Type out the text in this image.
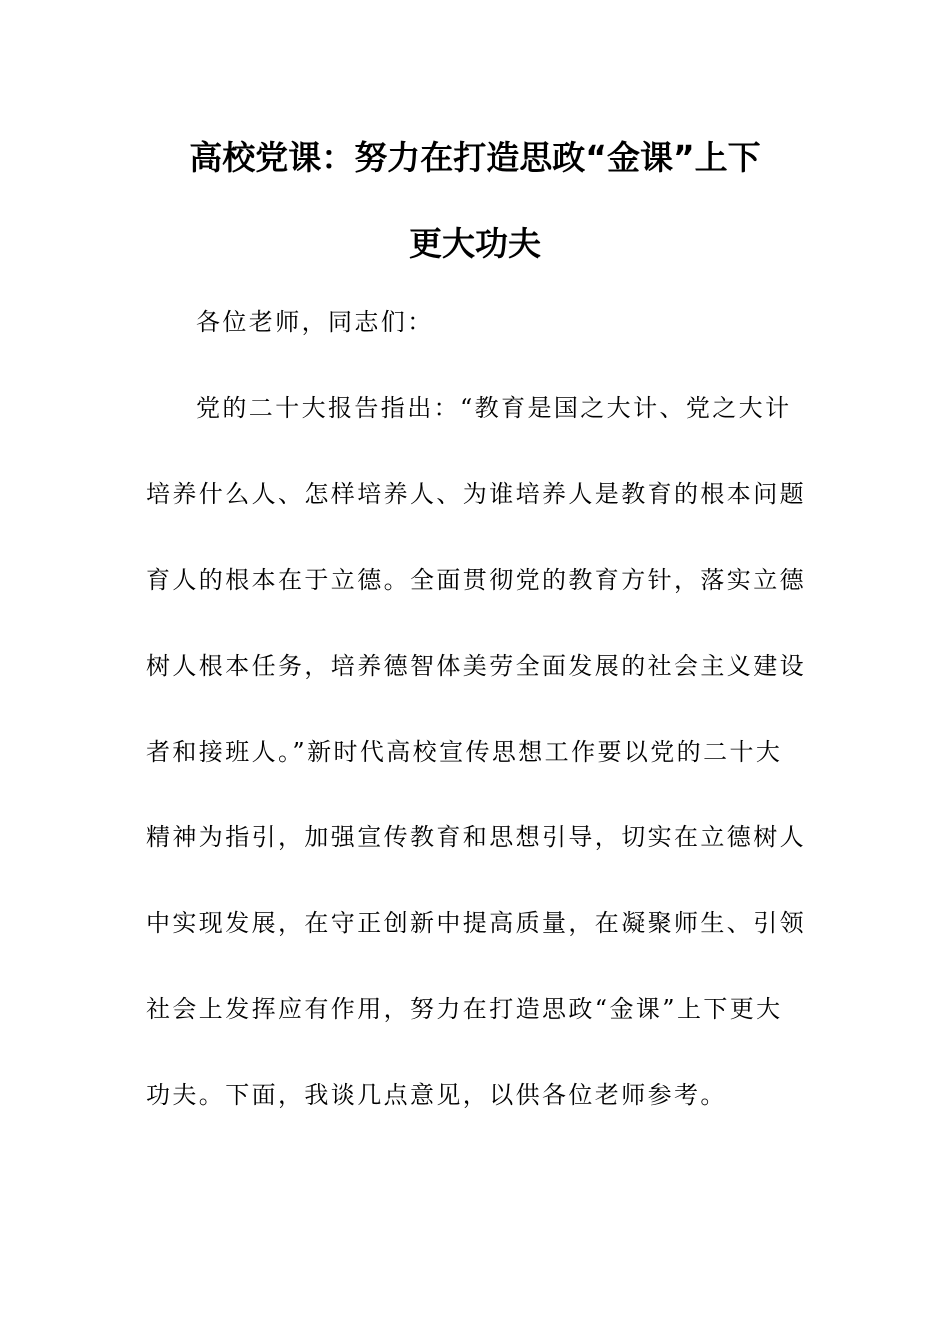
高校党课：努力在打造思政“金课”上下
更大功夫
各位老师，同志们：
党的二十大报告指出：“教育是国之大计、党之大计
培养什么人、怎样培养人、为谁培养人是教育的根本问题
育人的根本在于立德。全面贯彻党的教育方针，落实立德
树人根本任务，培养德智体美劳全面发展的社会主义建设
者和接班人。”新时代高校宣传思想工作要以党的二十大
精神为指引，加强宣传教育和思想引导，切实在立德树人
中实现发展，在守正创新中提高质量，在凝聚师生、引领
社会上发挥应有作用，努力在打造思政“金课”上下更大
功夫。下面，我谈几点意见，以供各位老师参考。
